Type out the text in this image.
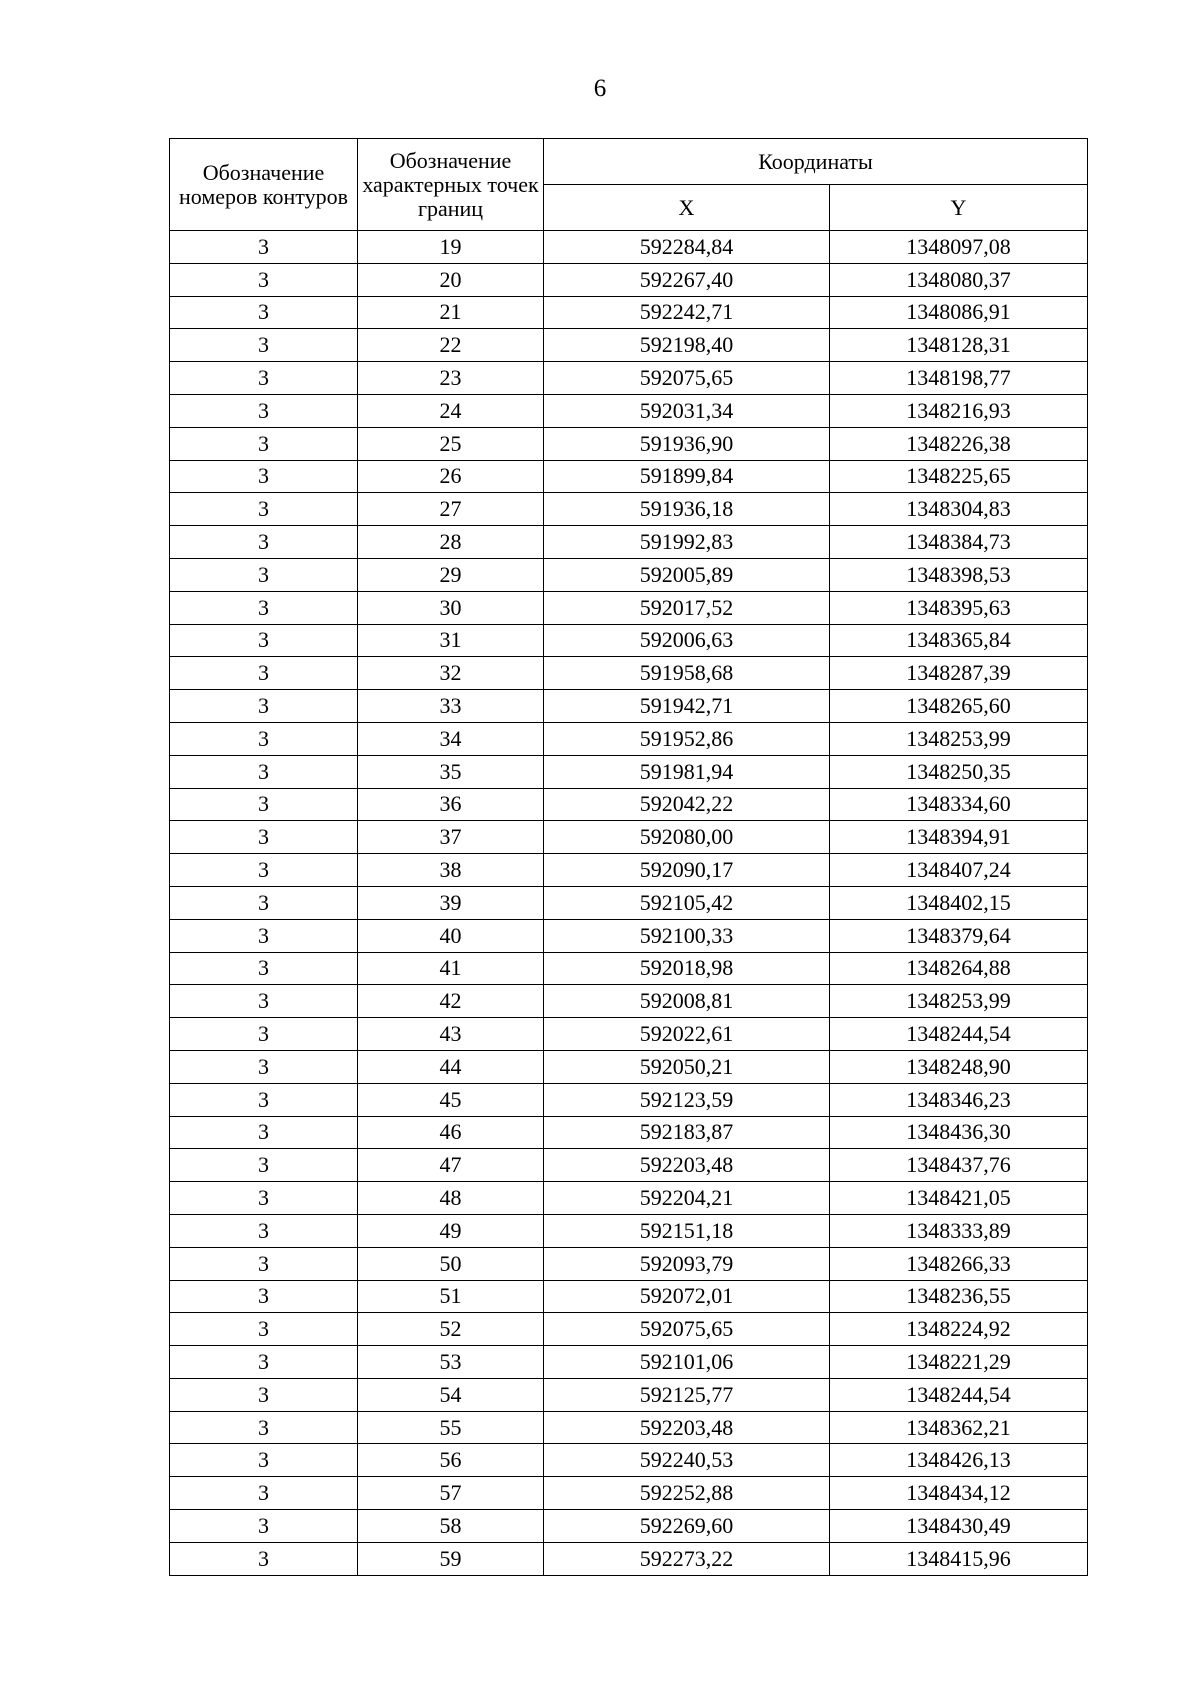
6
Обозначение номеров контуров	Обозначение характерных точек границ	Координаты	
		X	Y
3	19	592284,84	1348097,08
3	20	592267,40	1348080,37
3	21	592242,71	1348086,91
3	22	592198,40	1348128,31
3	23	592075,65	1348198,77
3	24	592031,34	1348216,93
3	25	591936,90	1348226,38
3	26	591899,84	1348225,65
3	27	591936,18	1348304,83
3	28	591992,83	1348384,73
3	29	592005,89	1348398,53
3	30	592017,52	1348395,63
3	31	592006,63	1348365,84
3	32	591958,68	1348287,39
3	33	591942,71	1348265,60
3	34	591952,86	1348253,99
3	35	591981,94	1348250,35
3	36	592042,22	1348334,60
3	37	592080,00	1348394,91
3	38	592090,17	1348407,24
3	39	592105,42	1348402,15
3	40	592100,33	1348379,64
3	41	592018,98	1348264,88
3	42	592008,81	1348253,99
3	43	592022,61	1348244,54
3	44	592050,21	1348248,90
3	45	592123,59	1348346,23
3	46	592183,87	1348436,30
3	47	592203,48	1348437,76
3	48	592204,21	1348421,05
3	49	592151,18	1348333,89
3	50	592093,79	1348266,33
3	51	592072,01	1348236,55
3	52	592075,65	1348224,92
3	53	592101,06	1348221,29
3	54	592125,77	1348244,54
3	55	592203,48	1348362,21
3	56	592240,53	1348426,13
3	57	592252,88	1348434,12
3	58	592269,60	1348430,49
3	59	592273,22	1348415,96
